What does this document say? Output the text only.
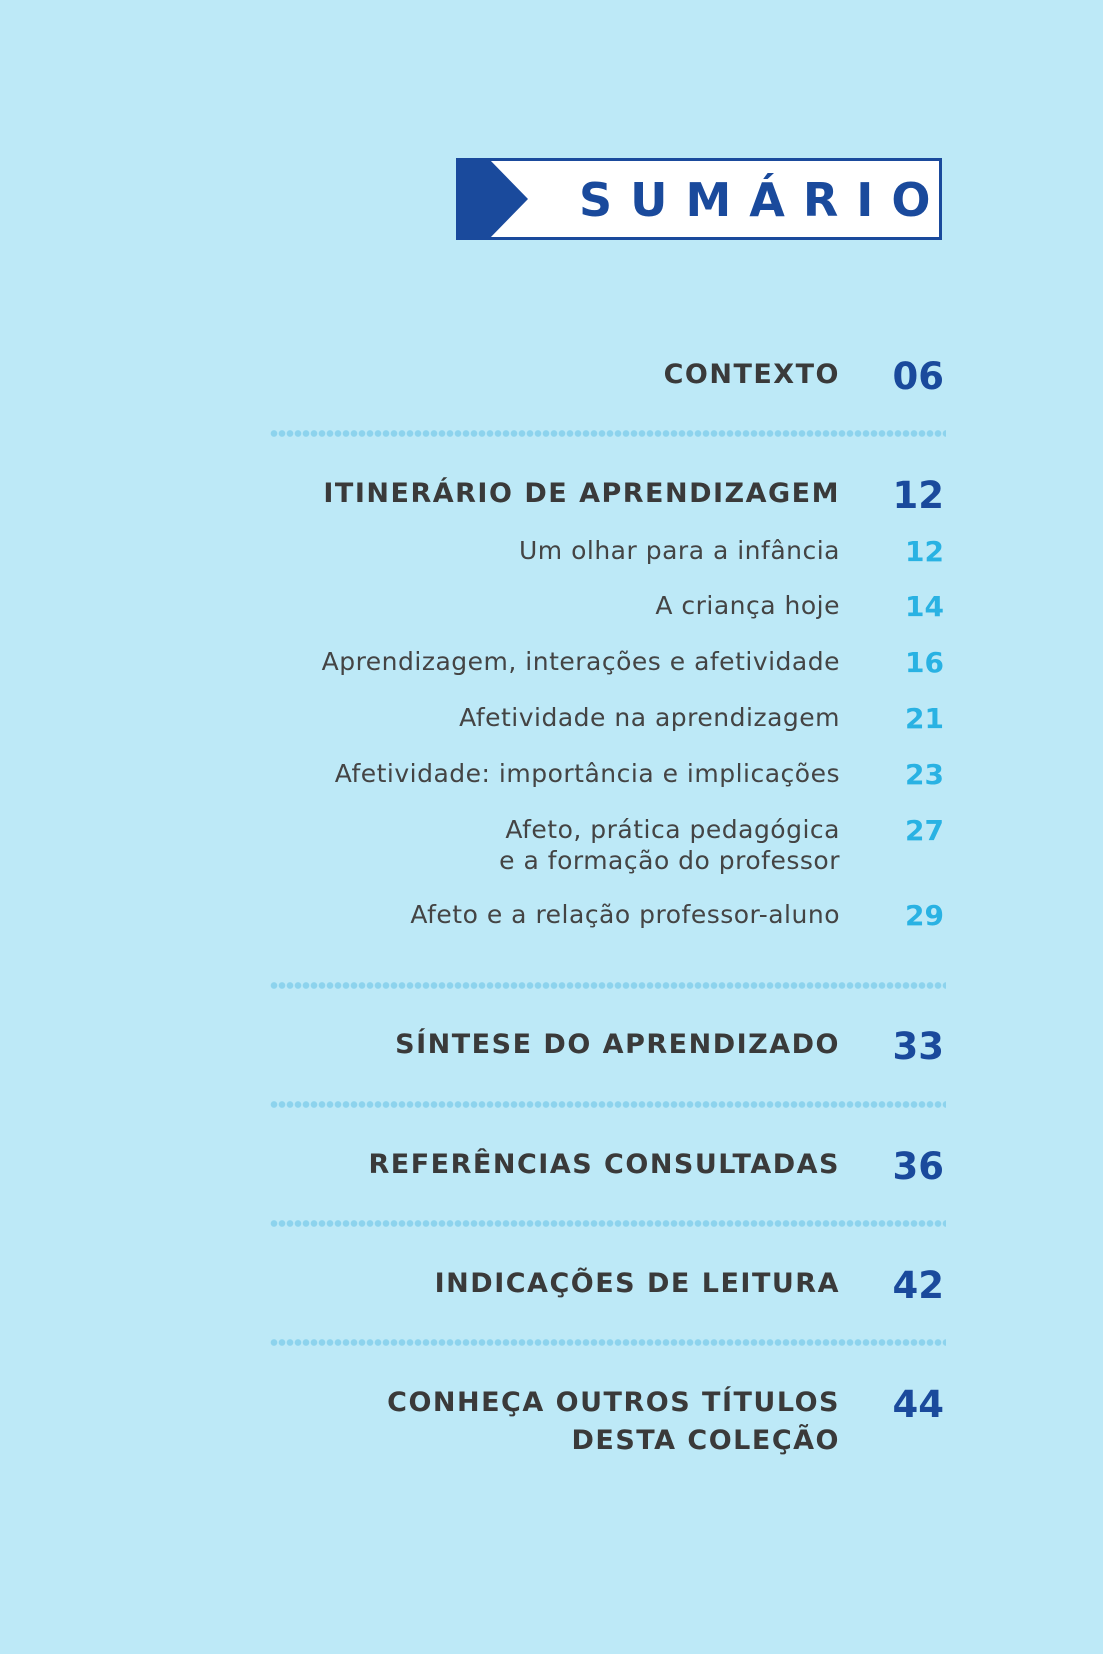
SUMÁRIO
CONTEXTO 06
ITINERÁRIO DE APRENDIZAGEM 12
Um olhar para a infância	12
A criança hoje	14
Aprendizagem, interações e afetividade	16
Afetividade na aprendizagem	21
Afetividade: importância e implicações	23
Afeto, prática pedagógica
e a formação do professor
27
Afeto e a relação professor-aluno	29
SÍNTESE DO APRENDIZADO 33
REFERÊNCIAS CONSULTADAS 36
INDICAÇÕES DE LEITURA 42
CONHEÇA OUTROS TÍTULOS
DESTA COLEÇÃO
44
